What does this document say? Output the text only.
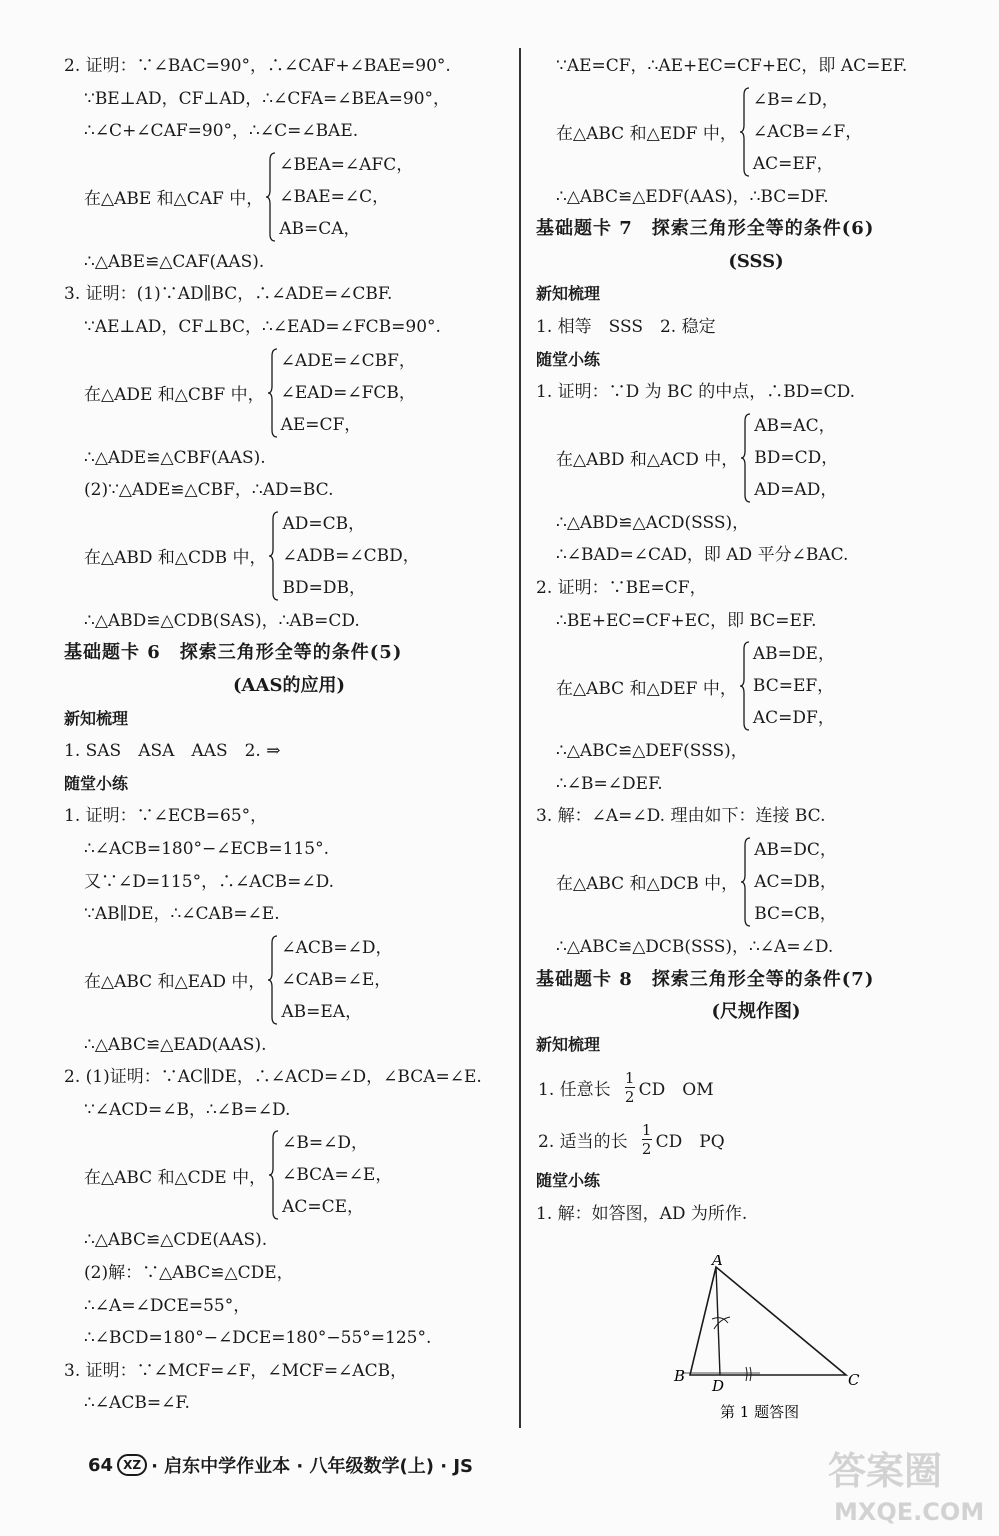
2. 证明：∵∠BAC=90°，∴∠CAF+∠BAE=90°.
∵BE⊥AD，CF⊥AD，∴∠CFA=∠BEA=90°，
∴∠C+∠CAF=90°，∴∠C=∠BAE.
在△ABE 和△CAF 中，
∠BEA=∠AFC，
∠BAE=∠C，
AB=CA，
∴△ABE≌△CAF(AAS).
3. 证明：(1)∵AD∥BC，∴∠ADE=∠CBF.
∵AE⊥AD，CF⊥BC，∴∠EAD=∠FCB=90°.
在△ADE 和△CBF 中，
∠ADE=∠CBF，
∠EAD=∠FCB，
AE=CF，
∴△ADE≌△CBF(AAS).
(2)∵△ADE≌△CBF，∴AD=BC.
在△ABD 和△CDB 中，
AD=CB，
∠ADB=∠CBD，
BD=DB，
∴△ABD≌△CDB(SAS)，∴AB=CD.
基础题卡 6　探索三角形全等的条件(5)
(AAS的应用)
新知梳理
1. SAS　ASA　AAS　2. ⇒
随堂小练
1. 证明：∵∠ECB=65°，
∴∠ACB=180°−∠ECB=115°.
又∵∠D=115°，∴∠ACB=∠D.
∵AB∥DE，∴∠CAB=∠E.
在△ABC 和△EAD 中，
∠ACB=∠D，
∠CAB=∠E，
AB=EA，
∴△ABC≌△EAD(AAS).
2. (1)证明：∵AC∥DE，∴∠ACD=∠D，∠BCA=∠E.
∵∠ACD=∠B，∴∠B=∠D.
在△ABC 和△CDE 中，
∠B=∠D，
∠BCA=∠E，
AC=CE，
∴△ABC≌△CDE(AAS).
(2)解：∵△ABC≌△CDE，
∴∠A=∠DCE=55°，
∴∠BCD=180°−∠DCE=180°−55°=125°.
3. 证明：∵∠MCF=∠F，∠MCF=∠ACB，
∴∠ACB=∠F.
∵AE=CF，∴AE+EC=CF+EC，即 AC=EF.
在△ABC 和△EDF 中，
∠B=∠D，
∠ACB=∠F，
AC=EF，
∴△ABC≌△EDF(AAS)，∴BC=DF.
基础题卡 7　探索三角形全等的条件(6)
(SSS)
新知梳理
1. 相等　SSS　2. 稳定
随堂小练
1. 证明：∵D 为 BC 的中点，∴BD=CD.
在△ABD 和△ACD 中，
AB=AC，
BD=CD，
AD=AD，
∴△ABD≌△ACD(SSS)，
∴∠BAD=∠CAD，即 AD 平分∠BAC.
2. 证明：∵BE=CF，
∴BE+EC=CF+EC，即 BC=EF.
在△ABC 和△DEF 中，
AB=DE，
BC=EF，
AC=DF，
∴△ABC≌△DEF(SSS)，
∴∠B=∠DEF.
3. 解：∠A=∠D. 理由如下：连接 BC.
在△ABC 和△DCB 中，
AB=DC，
AC=DB，
BC=CB，
∴△ABC≌△DCB(SSS)，∴∠A=∠D.
基础题卡 8　探索三角形全等的条件(7)
(尺规作图)
新知梳理
1. 任意长 $\frac{1}{2}$ CD　OM
2. 适当的长 $\frac{1}{2}$ CD　PQ
随堂小练
1. 解：如答图，AD 为所作.
A
B	C
D
第 1 题答图
64 XZ · 启东中学作业本 · 八年级数学(上) · JS	答案圈
MXQE.COM
